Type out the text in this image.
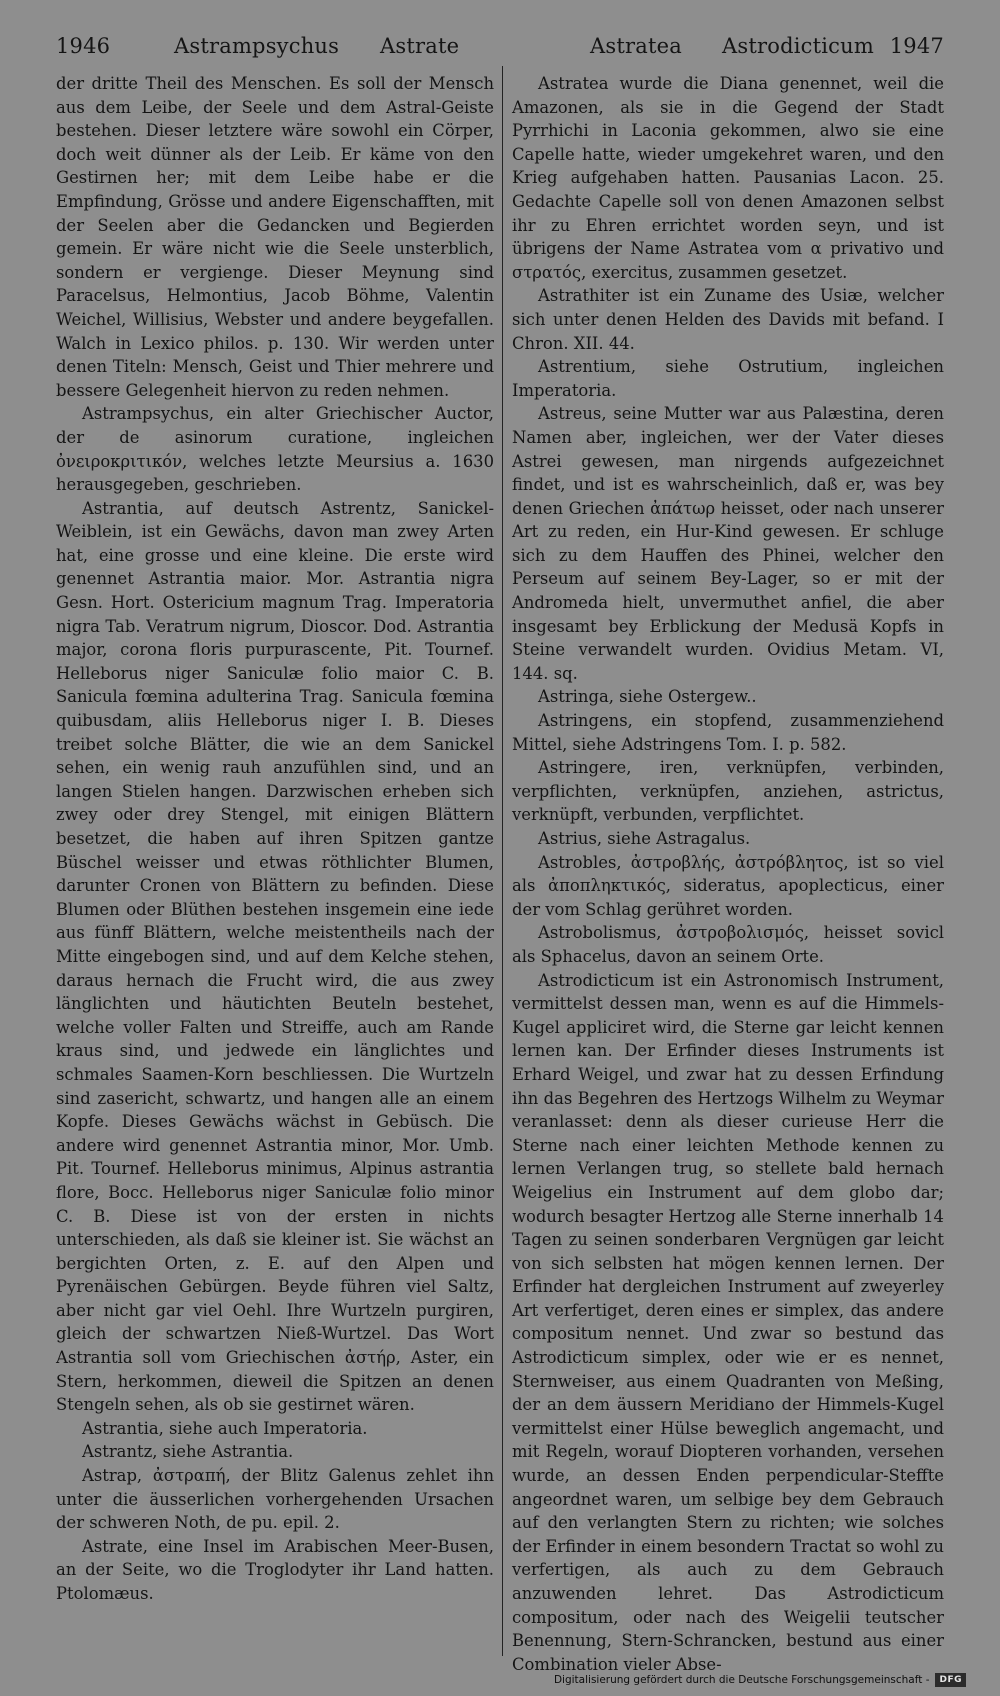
1946	Astrampsychus Astrate	Astratea Astrodicticum 1947

der dritte Theil des Menschen. Es soll der Mensch aus dem Leibe, der Seele und dem Astral-Geiste bestehen. Dieser letztere wäre sowohl ein Cörper, doch weit dünner als der Leib. Er käme von den Gestirnen her; mit dem Leibe habe er die Empfindung, Grösse und andere Eigenschafften, mit der Seelen aber die Gedancken und Begierden gemein. Er wäre nicht wie die Seele unsterblich, sondern er vergienge. Dieser Meynung sind Paracelsus, Helmontius, Jacob Böhme, Valentin Weichel, Willisius, Webster und andere beygefallen. Walch in Lexico philos. p. 130. Wir werden unter denen Titeln: Mensch, Geist und Thier mehrere und bessere Gelegenheit hiervon zu reden nehmen.

Astrampsychus, ein alter Griechischer Auctor, der de asinorum curatione, ingleichen ὀνειροκριτικόν, welches letzte Meursius a. 1630 herausgegeben, geschrieben.

Astrantia, auf deutsch Astrentz, Sanickel-Weiblein, ist ein Gewächs, davon man zwey Arten hat, eine grosse und eine kleine. Die erste wird genennet Astrantia maior. Mor. Astrantia nigra Gesn. Hort. Ostericium magnum Trag. Imperatoria nigra Tab. Veratrum nigrum, Dioscor. Dod. Astrantia major, corona floris purpurascente, Pit. Tournef. Helleborus niger Saniculæ folio maior C. B. Sanicula fœmina adulterina Trag. Sanicula fœmina quibusdam, aliis Helleborus niger I. B. Dieses treibet solche Blätter, die wie an dem Sanickel sehen, ein wenig rauh anzufühlen sind, und an langen Stielen hangen. Darzwischen erheben sich zwey oder drey Stengel, mit einigen Blättern besetzet, die haben auf ihren Spitzen gantze Büschel weisser und etwas röthlichter Blumen, darunter Cronen von Blättern zu befinden. Diese Blumen oder Blüthen bestehen insgemein eine iede aus fünff Blättern, welche meistentheils nach der Mitte eingebogen sind, und auf dem Kelche stehen, daraus hernach die Frucht wird, die aus zwey länglichten und häutichten Beuteln bestehet, welche voller Falten und Streiffe, auch am Rande kraus sind, und jedwede ein länglichtes und schmales Saamen-Korn beschliessen. Die Wurtzeln sind zasericht, schwartz, und hangen alle an einem Kopfe. Dieses Gewächs wächst in Gebüsch. Die andere wird genennet Astrantia minor, Mor. Umb. Pit. Tournef. Helleborus minimus, Alpinus astrantia flore, Bocc. Helleborus niger Saniculæ folio minor C. B. Diese ist von der ersten in nichts unterschieden, als daß sie kleiner ist. Sie wächst an bergichten Orten, z. E. auf den Alpen und Pyrenäischen Gebürgen. Beyde führen viel Saltz, aber nicht gar viel Oehl. Ihre Wurtzeln purgiren, gleich der schwartzen Nieß-Wurtzel. Das Wort Astrantia soll vom Griechischen ἀστήρ, Aster, ein Stern, herkommen, dieweil die Spitzen an denen Stengeln sehen, als ob sie gestirnet wären.

Astrantia, siehe auch Imperatoria.

Astrantz, siehe Astrantia.

Astrap, ἀστραπή, der Blitz Galenus zehlet ihn unter die äusserlichen vorhergehenden Ursachen der schweren Noth, de pu. epil. 2.

Astrate, eine Insel im Arabischen Meer-Busen, an der Seite, wo die Troglodyter ihr Land hatten. Ptolomæus.

Astratea wurde die Diana genennet, weil die Amazonen, als sie in die Gegend der Stadt Pyrrhichi in Laconia gekommen, alwo sie eine Capelle hatte, wieder umgekehret waren, und den Krieg aufgehaben hatten. Pausanias Lacon. 25. Gedachte Capelle soll von denen Amazonen selbst ihr zu Ehren errichtet worden seyn, und ist übrigens der Name Astratea vom α privativo und στρατός, exercitus, zusammen gesetzet.

Astrathiter ist ein Zuname des Usiæ, welcher sich unter denen Helden des Davids mit befand. I Chron. XII. 44.

Astrentium, siehe Ostrutium, ingleichen Imperatoria.

Astreus, seine Mutter war aus Palæstina, deren Namen aber, ingleichen, wer der Vater dieses Astrei gewesen, man nirgends aufgezeichnet findet, und ist es wahrscheinlich, daß er, was bey denen Griechen ἀπάτωρ heisset, oder nach unserer Art zu reden, ein Hur-Kind gewesen. Er schluge sich zu dem Hauffen des Phinei, welcher den Perseum auf seinem Bey-Lager, so er mit der Andromeda hielt, unvermuthet anfiel, die aber insgesamt bey Erblickung der Medusä Kopfs in Steine verwandelt wurden. Ovidius Metam. VI, 144. sq.

Astringa, siehe Ostergew..

Astringens, ein stopfend, zusammenziehend Mittel, siehe Adstringens Tom. I. p. 582.

Astringere, iren, verknüpfen, verbinden, verpflichten, verknüpfen, anziehen, astrictus, verknüpft, verbunden, verpflichtet.

Astrius, siehe Astragalus.

Astrobles, ἀστροβλής, ἀστρόβλητος, ist so viel als ἀποπληκτικός, sideratus, apoplecticus, einer der vom Schlag gerühret worden.

Astrobolismus, ἀστροβολισμός, heisset sovicl als Sphacelus, davon an seinem Orte.

Astrodicticum ist ein Astronomisch Instrument, vermittelst dessen man, wenn es auf die Himmels-Kugel appliciret wird, die Sterne gar leicht kennen lernen kan. Der Erfinder dieses Instruments ist Erhard Weigel, und zwar hat zu dessen Erfindung ihn das Begehren des Hertzogs Wilhelm zu Weymar veranlasset: denn als dieser curieuse Herr die Sterne nach einer leichten Methode kennen zu lernen Verlangen trug, so stellete bald hernach Weigelius ein Instrument auf dem globo dar; wodurch besagter Hertzog alle Sterne innerhalb 14 Tagen zu seinen sonderbaren Vergnügen gar leicht von sich selbsten hat mögen kennen lernen. Der Erfinder hat dergleichen Instrument auf zweyerley Art verfertiget, deren eines er simplex, das andere compositum nennet. Und zwar so bestund das Astrodicticum simplex, oder wie er es nennet, Sternweiser, aus einem Quadranten von Meßing, der an dem äussern Meridiano der Himmels-Kugel vermittelst einer Hülse beweglich angemacht, und mit Regeln, worauf Diopteren vorhanden, versehen wurde, an dessen Enden perpendicular-Steffte angeordnet waren, um selbige bey dem Gebrauch auf den verlangten Stern zu richten; wie solches der Erfinder in einem besondern Tractat so wohl zu verfertigen, als auch zu dem Gebrauch anzuwenden lehret. Das Astrodicticum compositum, oder nach des Weigelii teutscher Benennung, Stern-Schrancken, bestund aus einer Combination vieler Abse-

Digitalisierung gefördert durch die Deutsche Forschungsgemeinschaft -	DFG
